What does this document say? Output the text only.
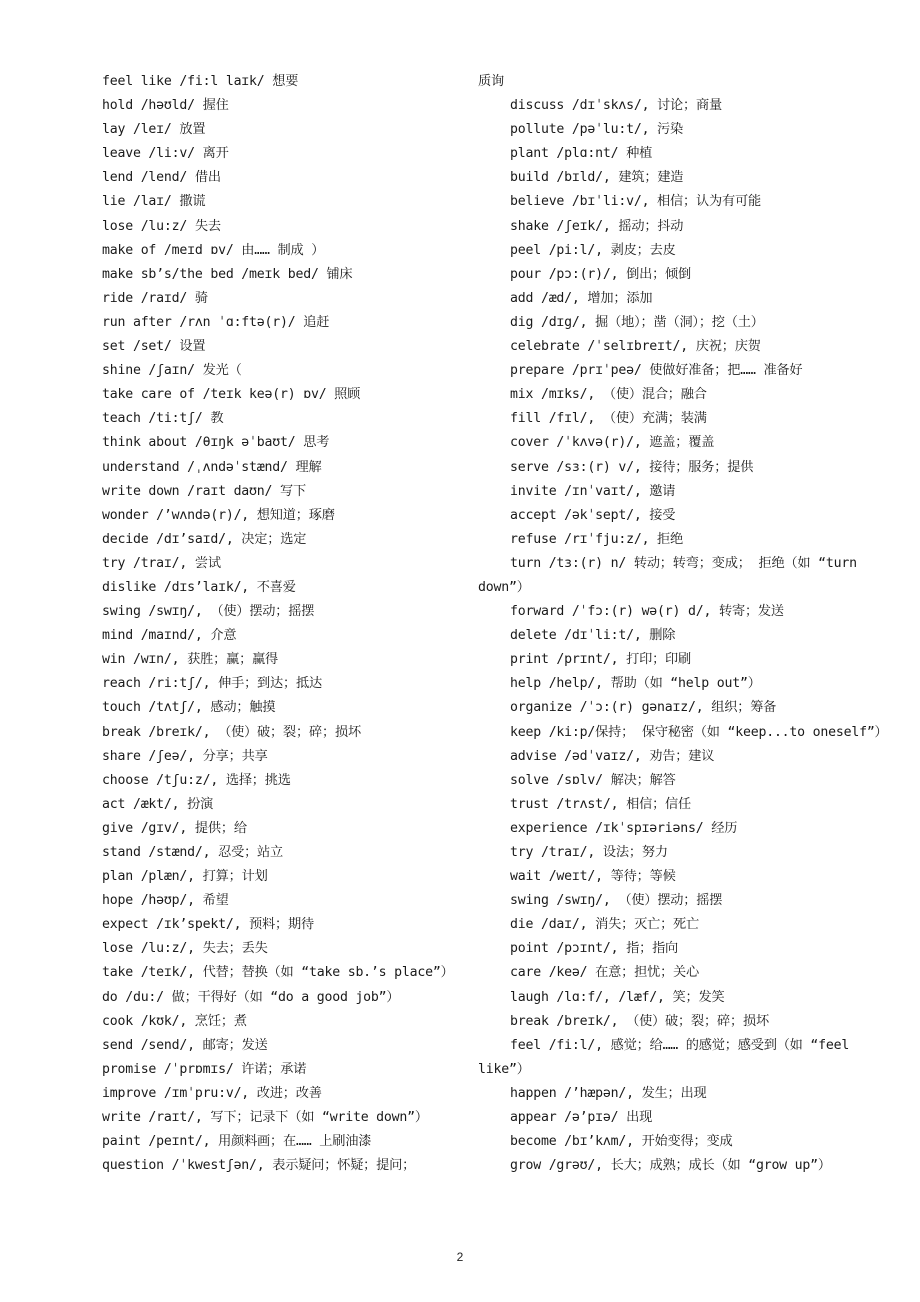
feel like /fi:l laɪk/ 想要

hold /həʊld/ 握住

lay /leɪ/ 放置

leave /li:v/ 离开

lend /lend/ 借出

lie /laɪ/ 撒谎

lose /lu:z/ 失去

make of /meɪd ɒv/ 由…… 制成 ）

make sb’s/the bed /meɪk bed/ 铺床

ride /raɪd/ 骑

run after /rʌn ˈɑ:ftə(r)/ 追赶

set /set/ 设置

shine /ʃaɪn/ 发光（

take care of /teɪk keə(r) ɒv/ 照顾

teach /ti:tʃ/ 教

think about /θɪŋk əˈbaʊt/ 思考

understand /ˌʌndəˈstænd/ 理解

write down /raɪt daʊn/ 写下

wonder /’wʌndə(r)/, 想知道；琢磨

decide /dɪ’saɪd/, 决定；选定

try /traɪ/, 尝试

dislike /dɪs’laɪk/, 不喜爱

swing /swɪŋ/, （使）摆动；摇摆

mind /maɪnd/, 介意

win /wɪn/, 获胜；赢；赢得

reach /ri:tʃ/, 伸手；到达；抵达

touch /tʌtʃ/, 感动；触摸

break /breɪk/, （使）破；裂；碎；损坏

share /ʃeə/, 分享；共享

choose /tʃu:z/, 选择；挑选

act /ækt/, 扮演

give /gɪv/, 提供；给

stand /stænd/, 忍受；站立

plan /plæn/, 打算；计划

hope /həʊp/, 希望

expect /ɪk’spekt/, 预料；期待

lose /lu:z/, 失去；丢失

take /teɪk/, 代替；替换（如 “take sb.’s place”）

do /du:/ 做；干得好（如 “do a good job”）

cook /kʊk/, 烹饪；煮

send /send/, 邮寄；发送

promise /ˈprɒmɪs/ 许诺；承诺

improve /ɪmˈpru:v/, 改进；改善

write /raɪt/, 写下；记录下（如 “write down”）

paint /peɪnt/, 用颜料画；在…… 上刷油漆

question /ˈkwestʃən/, 表示疑问；怀疑；提问；

质询

discuss /dɪˈskʌs/, 讨论；商量

pollute /pəˈlu:t/, 污染

plant /plɑ:nt/ 种植

build /bɪld/, 建筑；建造

believe /bɪˈli:v/, 相信；认为有可能

shake /ʃeɪk/, 摇动；抖动

peel /pi:l/, 剥皮；去皮

pour /pɔ:(r)/, 倒出；倾倒

add /æd/, 增加；添加

dig /dɪg/, 掘（地）；凿（洞）；挖（土）

celebrate /ˈselɪbreɪt/, 庆祝；庆贺

prepare /prɪˈpeə/ 使做好准备；把…… 准备好

mix /mɪks/, （使）混合；融合

fill /fɪl/, （使）充满；装满

cover /ˈkʌvə(r)/, 遮盖；覆盖

serve /sɜ:(r) v/, 接待；服务；提供

invite /ɪnˈvaɪt/, 邀请

accept /əkˈsept/, 接受

refuse /rɪˈfju:z/, 拒绝

turn /tɜ:(r) n/ 转动；转弯；变成； 拒绝（如 “turn down”）

forward /ˈfɔ:(r) wə(r) d/, 转寄；发送

delete /dɪˈli:t/, 删除

print /prɪnt/, 打印；印刷

help /help/, 帮助（如 “help out”）

organize /ˈɔ:(r) gənaɪz/, 组织；筹备

keep /ki:p/保持； 保守秘密（如 “keep...to oneself”）

advise /ədˈvaɪz/, 劝告；建议

solve /sɒlv/ 解决；解答

trust /trʌst/, 相信；信任

experience /ɪkˈspɪəriəns/ 经历

try /traɪ/, 设法；努力

wait /weɪt/, 等待；等候

swing /swɪŋ/, （使）摆动；摇摆

die /daɪ/, 消失；灭亡；死亡

point /pɔɪnt/, 指；指向

care /keə/ 在意；担忧；关心

laugh /lɑ:f/, /læf/, 笑；发笑

break /breɪk/, （使）破；裂；碎；损坏

feel /fi:l/, 感觉；给…… 的感觉；感受到（如 “feel like”）

happen /’hæpən/, 发生；出现

appear /ə’pɪə/ 出现

become /bɪ’kʌm/, 开始变得；变成

grow /grəʊ/, 长大；成熟；成长（如 “grow up”）

2
